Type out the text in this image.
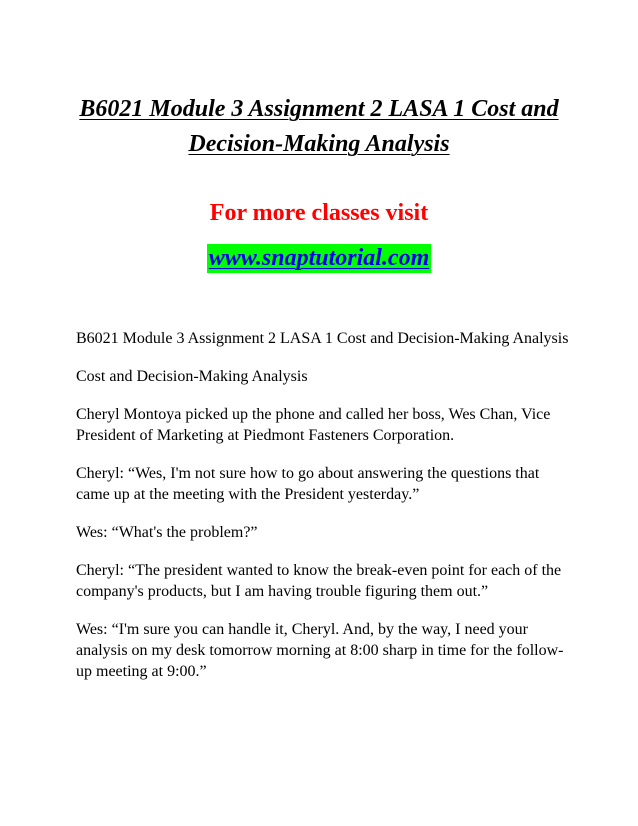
B6021 Module 3 Assignment 2 LASA 1 Cost and Decision-Making Analysis
For more classes visit
www.snaptutorial.com

B6021 Module 3 Assignment 2 LASA 1 Cost and Decision-Making Analysis

Cost and Decision-Making Analysis

Cheryl Montoya picked up the phone and called her boss, Wes Chan, Vice President of Marketing at Piedmont Fasteners Corporation.

Cheryl: “Wes, I'm not sure how to go about answering the questions that came up at the meeting with the President yesterday.”

Wes: “What's the problem?”

Cheryl: “The president wanted to know the break-even point for each of the company's products, but I am having trouble figuring them out.”

Wes: “I'm sure you can handle it, Cheryl. And, by the way, I need your analysis on my desk tomorrow morning at 8:00 sharp in time for the follow-up meeting at 9:00.”
